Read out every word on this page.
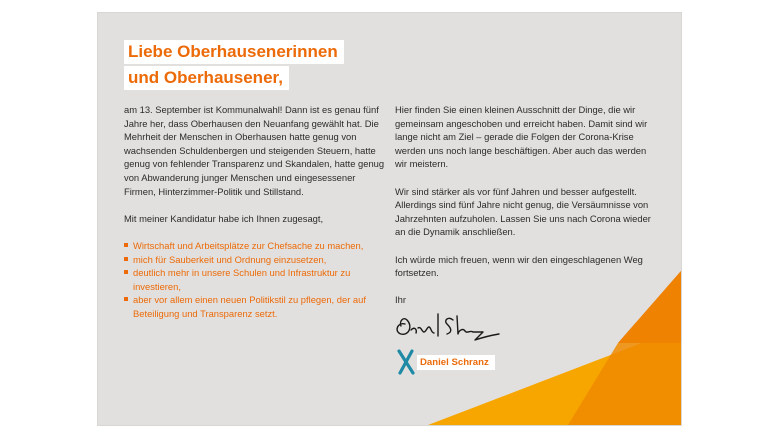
Liebe Oberhausenerinnen
und Oberhausener,

am 13. September ist Kommunalwahl! Dann ist es genau fünf Jahre her, dass Oberhausen den Neuanfang gewählt hat. Die Mehrheit der Menschen in Oberhausen hatte genug von wachsenden Schuldenbergen und steigenden Steuern, hatte genug von fehlender Transparenz und Skandalen, hatte genug von Abwanderung junger Menschen und eingesessener Firmen, Hinterzimmer-Politik und Stillstand.

Mit meiner Kandidatur habe ich Ihnen zugesagt,

Wirtschaft und Arbeitsplätze zur Chefsache zu machen,
mich für Sauberkeit und Ordnung einzusetzen,
deutlich mehr in unsere Schulen und Infrastruktur zu investieren,
aber vor allem einen neuen Politikstil zu pflegen, der auf Beteiligung und Transparenz setzt.

Hier finden Sie einen kleinen Ausschnitt der Dinge, die wir gemeinsam angeschoben und erreicht haben. Damit sind wir lange nicht am Ziel – gerade die Folgen der Corona-Krise werden uns noch lange beschäftigen. Aber auch das werden wir meistern.

Wir sind stärker als vor fünf Jahren und besser aufgestellt. Allerdings sind fünf Jahre nicht genug, die Versäumnisse von Jahrzehnten aufzuholen. Lassen Sie uns nach Corona wieder an die Dynamik anschließen.

Ich würde mich freuen, wenn wir den eingeschlagenen Weg fortsetzen.

Ihr

Daniel Schranz
